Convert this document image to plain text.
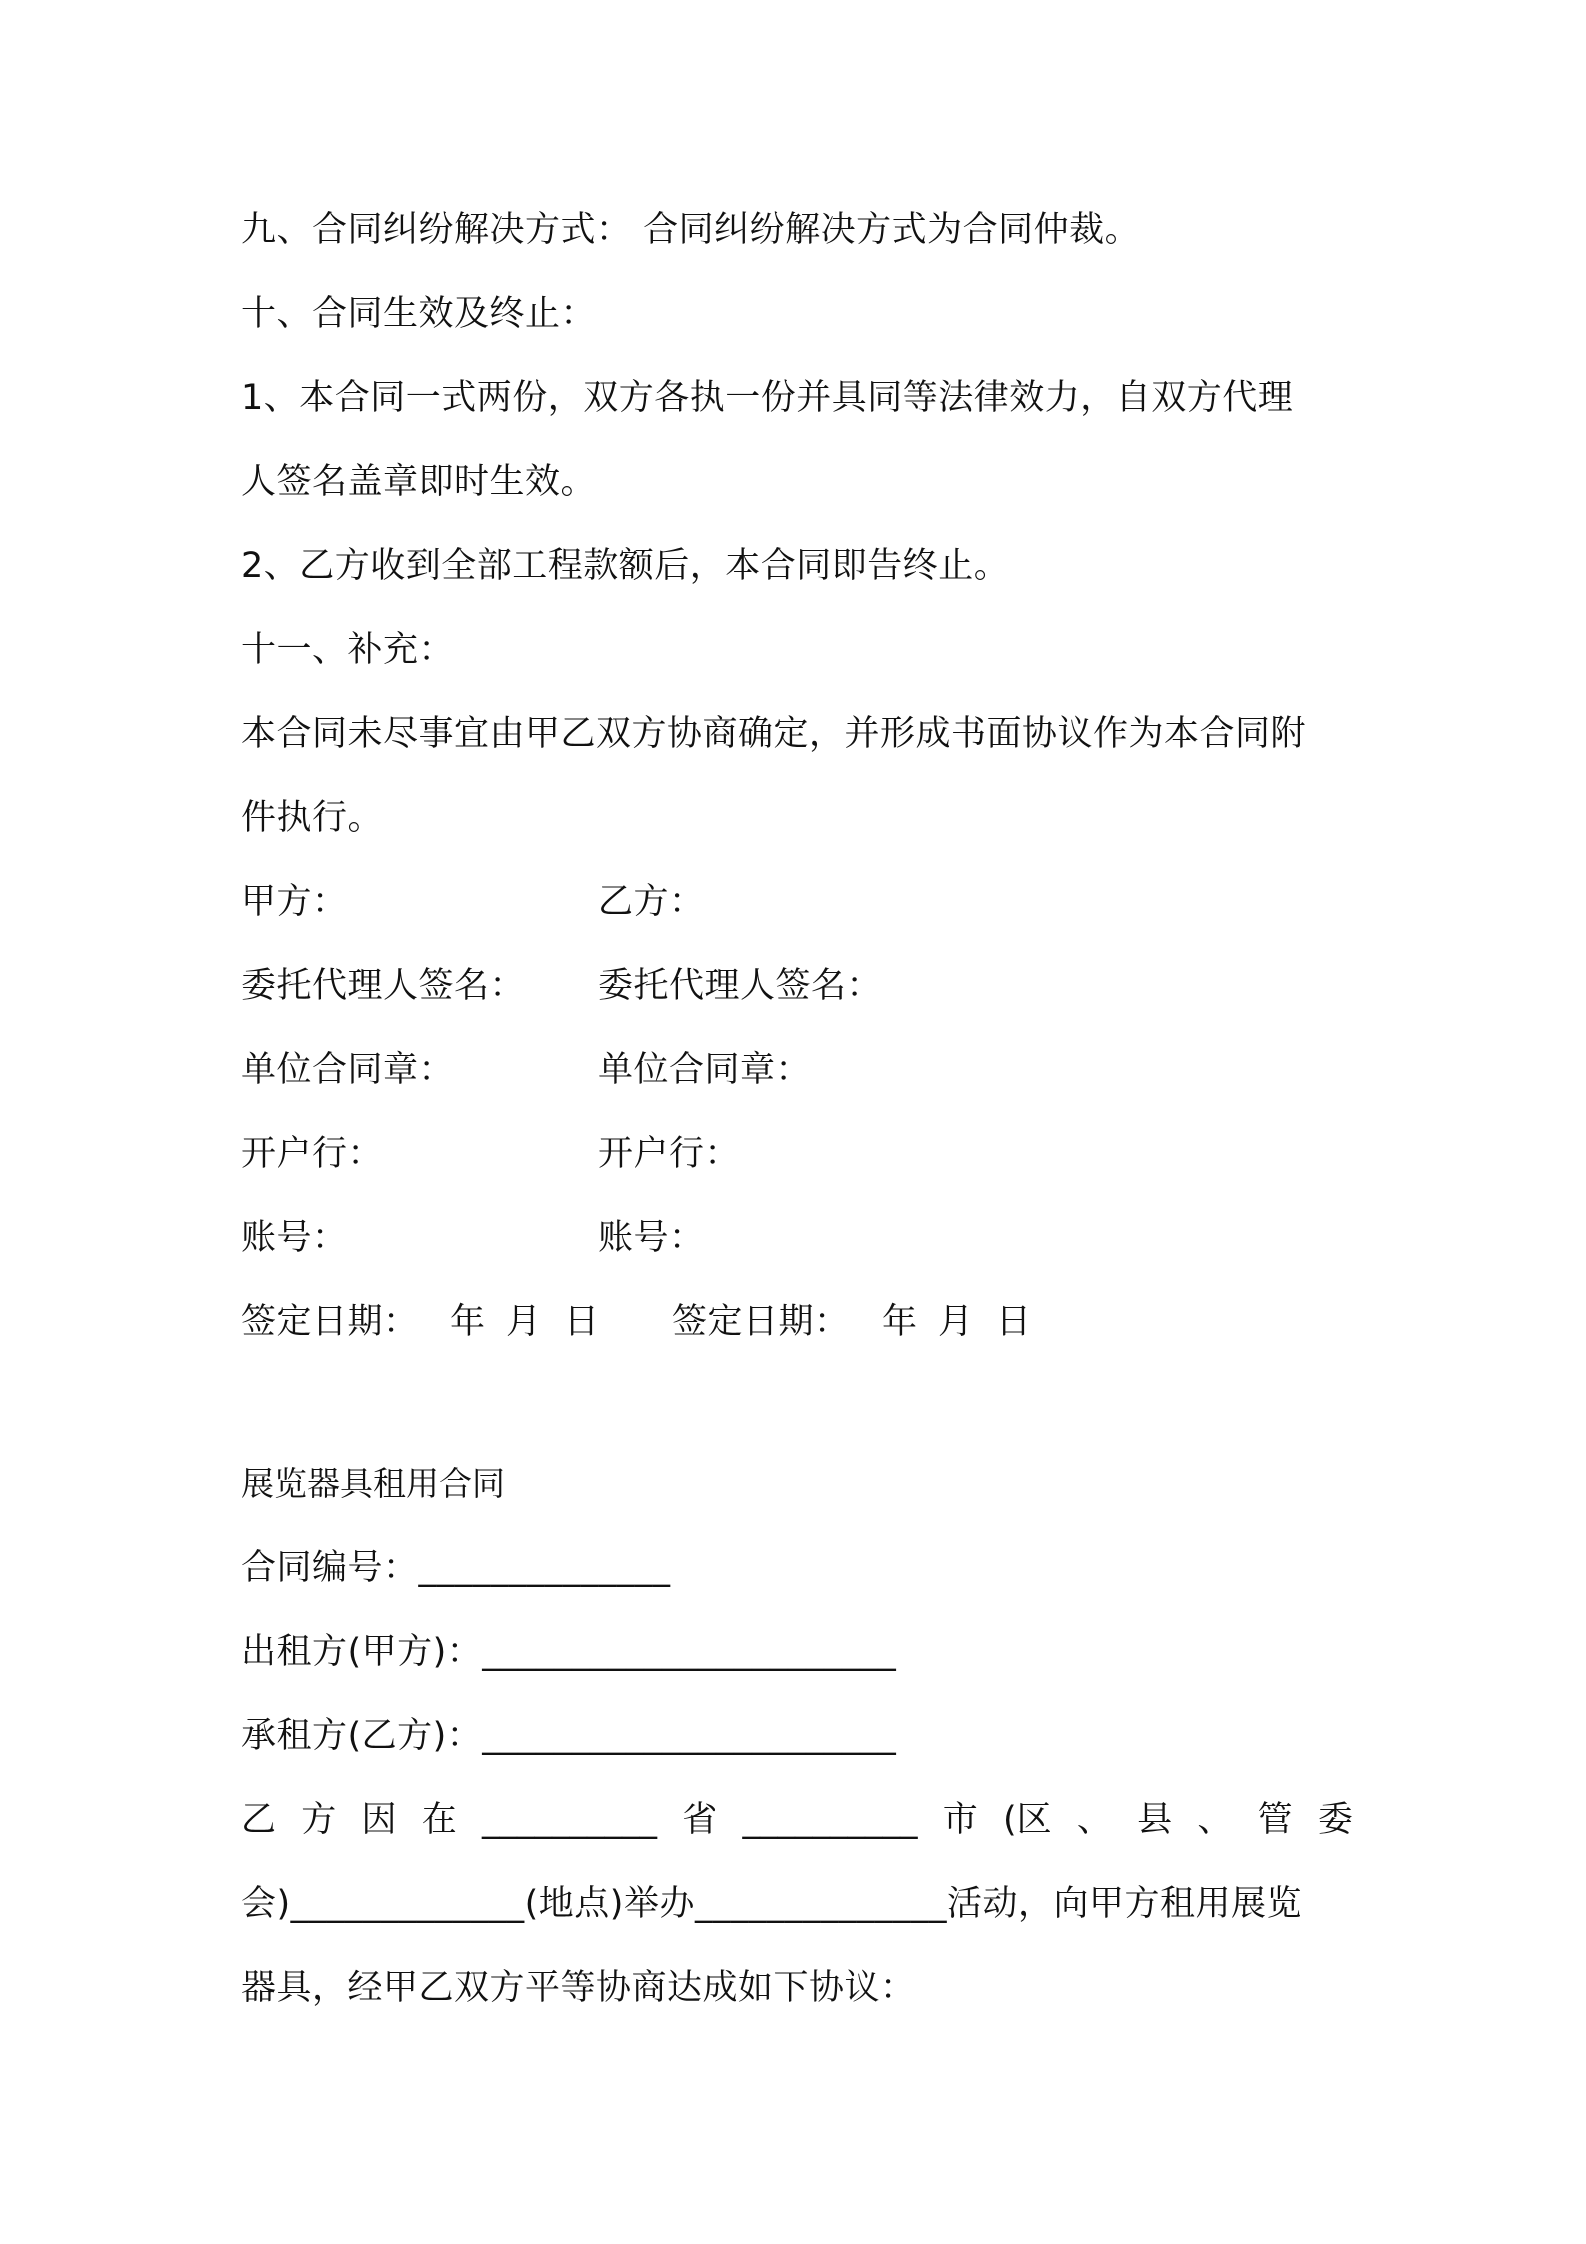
九、合同纠纷解决方式： 合同纠纷解决方式为合同仲裁。
十、合同生效及终止：
1、本合同一式两份，双方各执一份并具同等法律效力，自双方代理
人签名盖章即时生效。
2、乙方收到全部工程款额后，本合同即告终止。
十一、补充：
本合同未尽事宜由甲乙双方协商确定，并形成书面协议作为本合同附
件执行。
甲方：	乙方：
委托代理人签名： 委托代理人签名：
单位合同章：	单位合同章：
开户行：	开户行：
账号：	账号：
签定日期： 年 月 日 签定日期： 年 月 日
展览器具租用合同
合同编号：______________
出租方(甲方)：_______________________
承租方(乙方)：_______________________
乙 方 因 在 __________ 省 __________ 市 (区 、 县 、 管 委
会)_____________(地点)举办______________活动，向甲方租用展览
器具，经甲乙双方平等协商达成如下协议：
